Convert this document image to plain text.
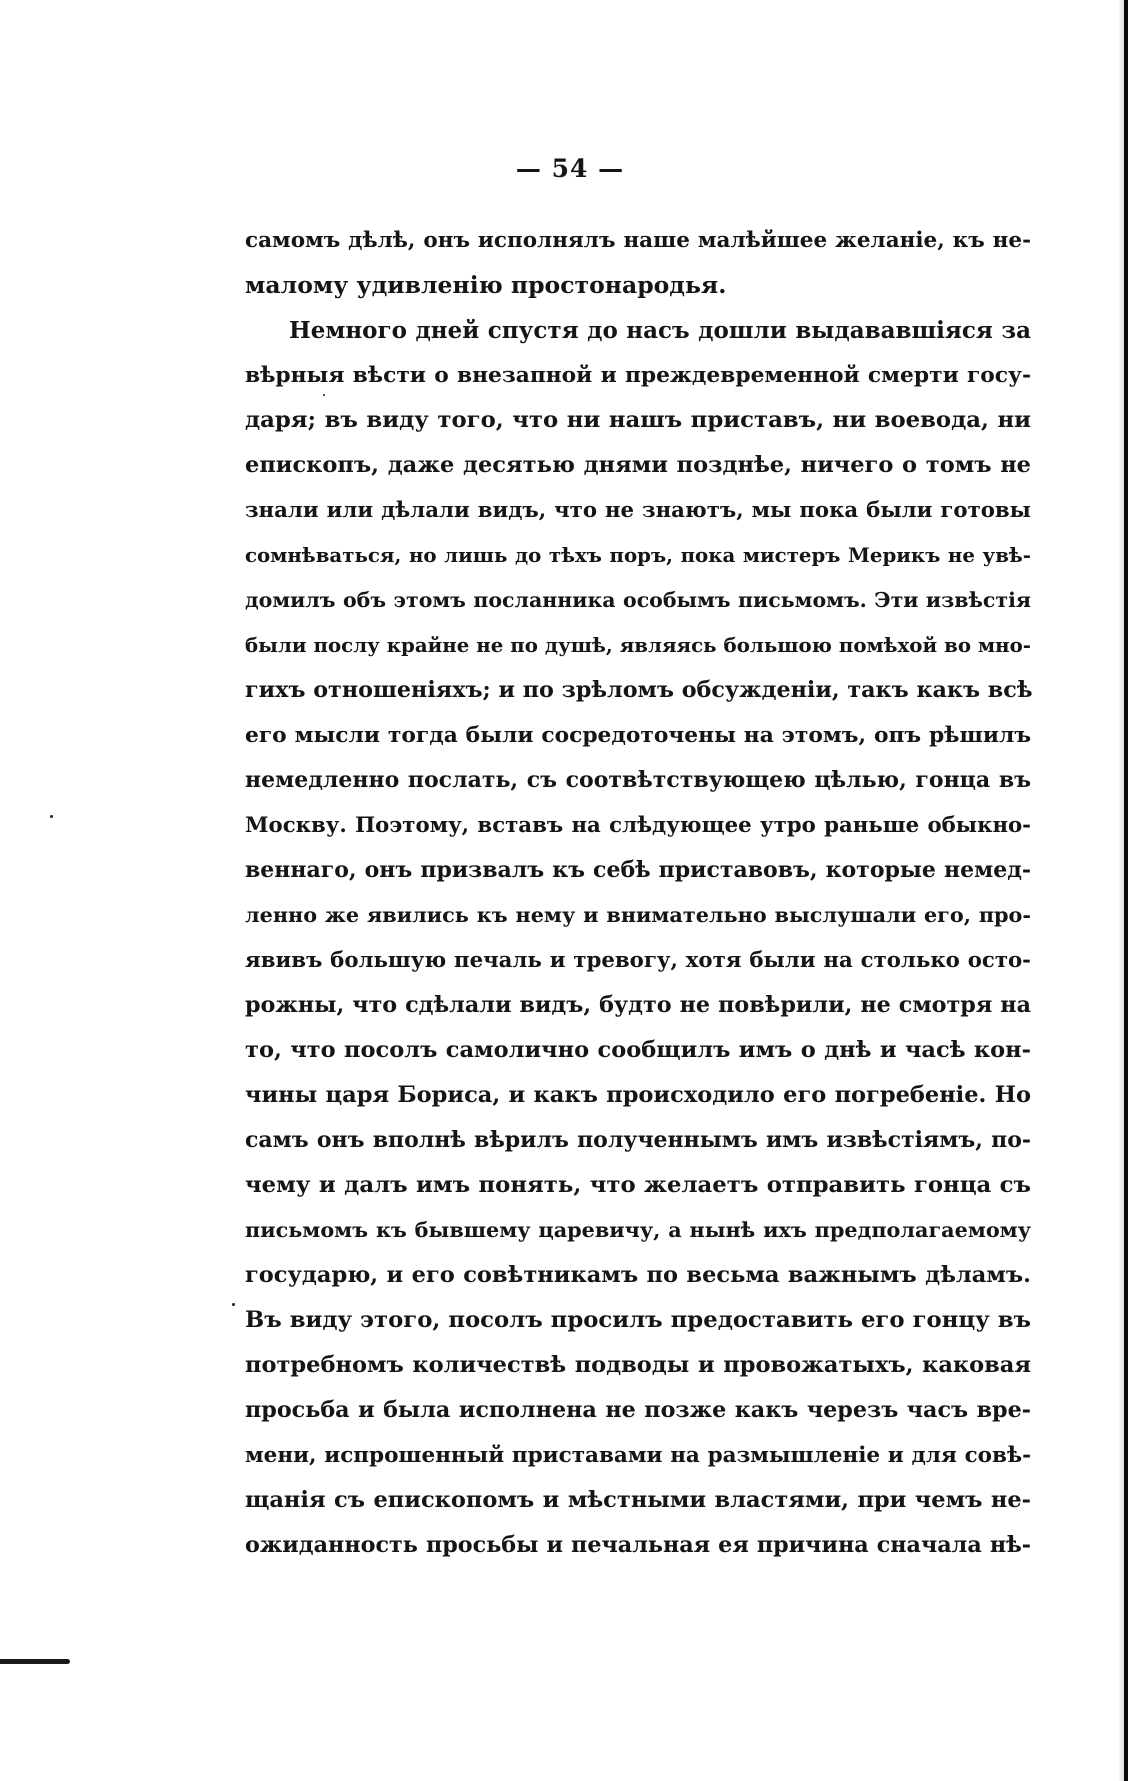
— 54 —
самомъ дѣлѣ, онъ исполнялъ наше малѣйшее желаніе, къ не-
малому удивленію простонародья.
Немного дней спустя до насъ дошли выдававшіяся за
вѣрныя вѣсти о внезапной и преждевременной смерти госу-
даря; въ виду того, что ни нашъ приставъ, ни воевода, ни
епископъ, даже десятью днями позднѣе, ничего о томъ не
знали или дѣлали видъ, что не знаютъ, мы пока были готовы
сомнѣваться, но лишь до тѣхъ поръ, пока мистеръ Мерикъ не увѣ-
домилъ объ этомъ посланника особымъ письмомъ. Эти извѣстія
были послу крайне не по душѣ, являясь большою помѣхой во мно-
гихъ отношеніяхъ; и по зрѣломъ обсужденіи, такъ какъ всѣ
его мысли тогда были сосредоточены на этомъ, опъ рѣшилъ
немедленно послать, съ соотвѣтствующею цѣлью, гонца въ
Москву. Поэтому, вставъ на слѣдующее утро раньше обыкно-
веннаго, онъ призвалъ къ себѣ приставовъ, которые немед-
ленно же явились къ нему и внимательно выслушали его, про-
явивъ большую печаль и тревогу, хотя были на столько осто-
рожны, что сдѣлали видъ, будто не повѣрили, не смотря на
то, что посолъ самолично сообщилъ имъ о днѣ и часѣ кон-
чины царя Бориса, и какъ происходило его погребеніе. Но
самъ онъ вполнѣ вѣрилъ полученнымъ имъ извѣстіямъ, по-
чему и далъ имъ понять, что желаетъ отправить гонца съ
письмомъ къ бывшему царевичу, а нынѣ ихъ предполагаемому
государю, и его совѣтникамъ по весьма важнымъ дѣламъ.
Въ виду этого, посолъ просилъ предоставить его гонцу въ
потребномъ количествѣ подводы и провожатыхъ, каковая
просьба и была исполнена не позже какъ черезъ часъ вре-
мени, испрошенный приставами на размышленіе и для совѣ-
щанія съ епископомъ и мѣстными властями, при чемъ не-
ожиданность просьбы и печальная ея причина сначала нѣ-
